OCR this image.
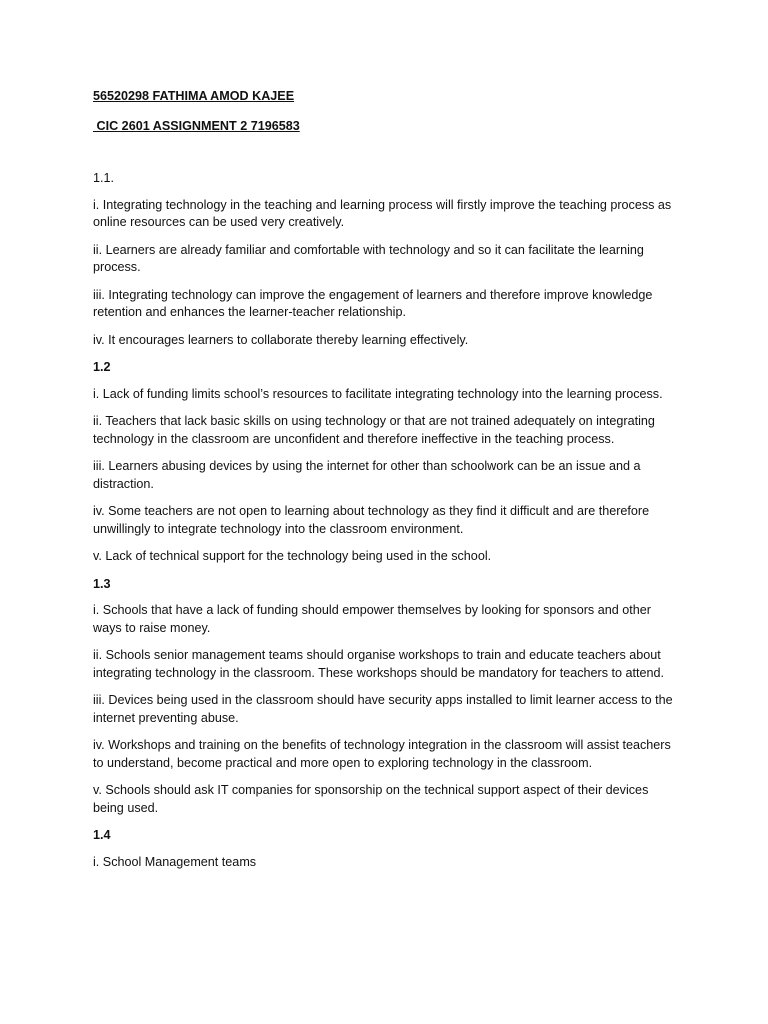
56520298 FATHIMA AMOD KAJEE
CIC 2601 ASSIGNMENT 2 7196583
1.1.

i. Integrating technology in the teaching and learning process will firstly improve the teaching process as online resources can be used very creatively.

ii. Learners are already familiar and comfortable with technology and so it can facilitate the learning process.

iii. Integrating technology can improve the engagement of learners and therefore improve knowledge retention and enhances the learner-teacher relationship.

iv. It encourages learners to collaborate thereby learning effectively.

1.2

i. Lack of funding limits school’s resources to facilitate integrating technology into the learning process.

ii. Teachers that lack basic skills on using technology or that are not trained adequately on integrating technology in the classroom are unconfident and therefore ineffective in the teaching process.

iii. Learners abusing devices by using the internet for other than schoolwork can be an issue and a distraction.

iv. Some teachers are not open to learning about technology as they find it difficult and are therefore unwillingly to integrate technology into the classroom environment.

v. Lack of technical support for the technology being used in the school.

1.3

i. Schools that have a lack of funding should empower themselves by looking for sponsors and other ways to raise money.

ii. Schools senior management teams should organise workshops to train and educate teachers about integrating technology in the classroom. These workshops should be mandatory for teachers to attend.

iii. Devices being used in the classroom should have security apps installed to limit learner access to the internet preventing abuse.

iv. Workshops and training on the benefits of technology integration in the classroom will assist teachers to understand, become practical and more open to exploring technology in the classroom.

v. Schools should ask IT companies for sponsorship on the technical support aspect of their devices being used.

1.4

i. School Management teams
